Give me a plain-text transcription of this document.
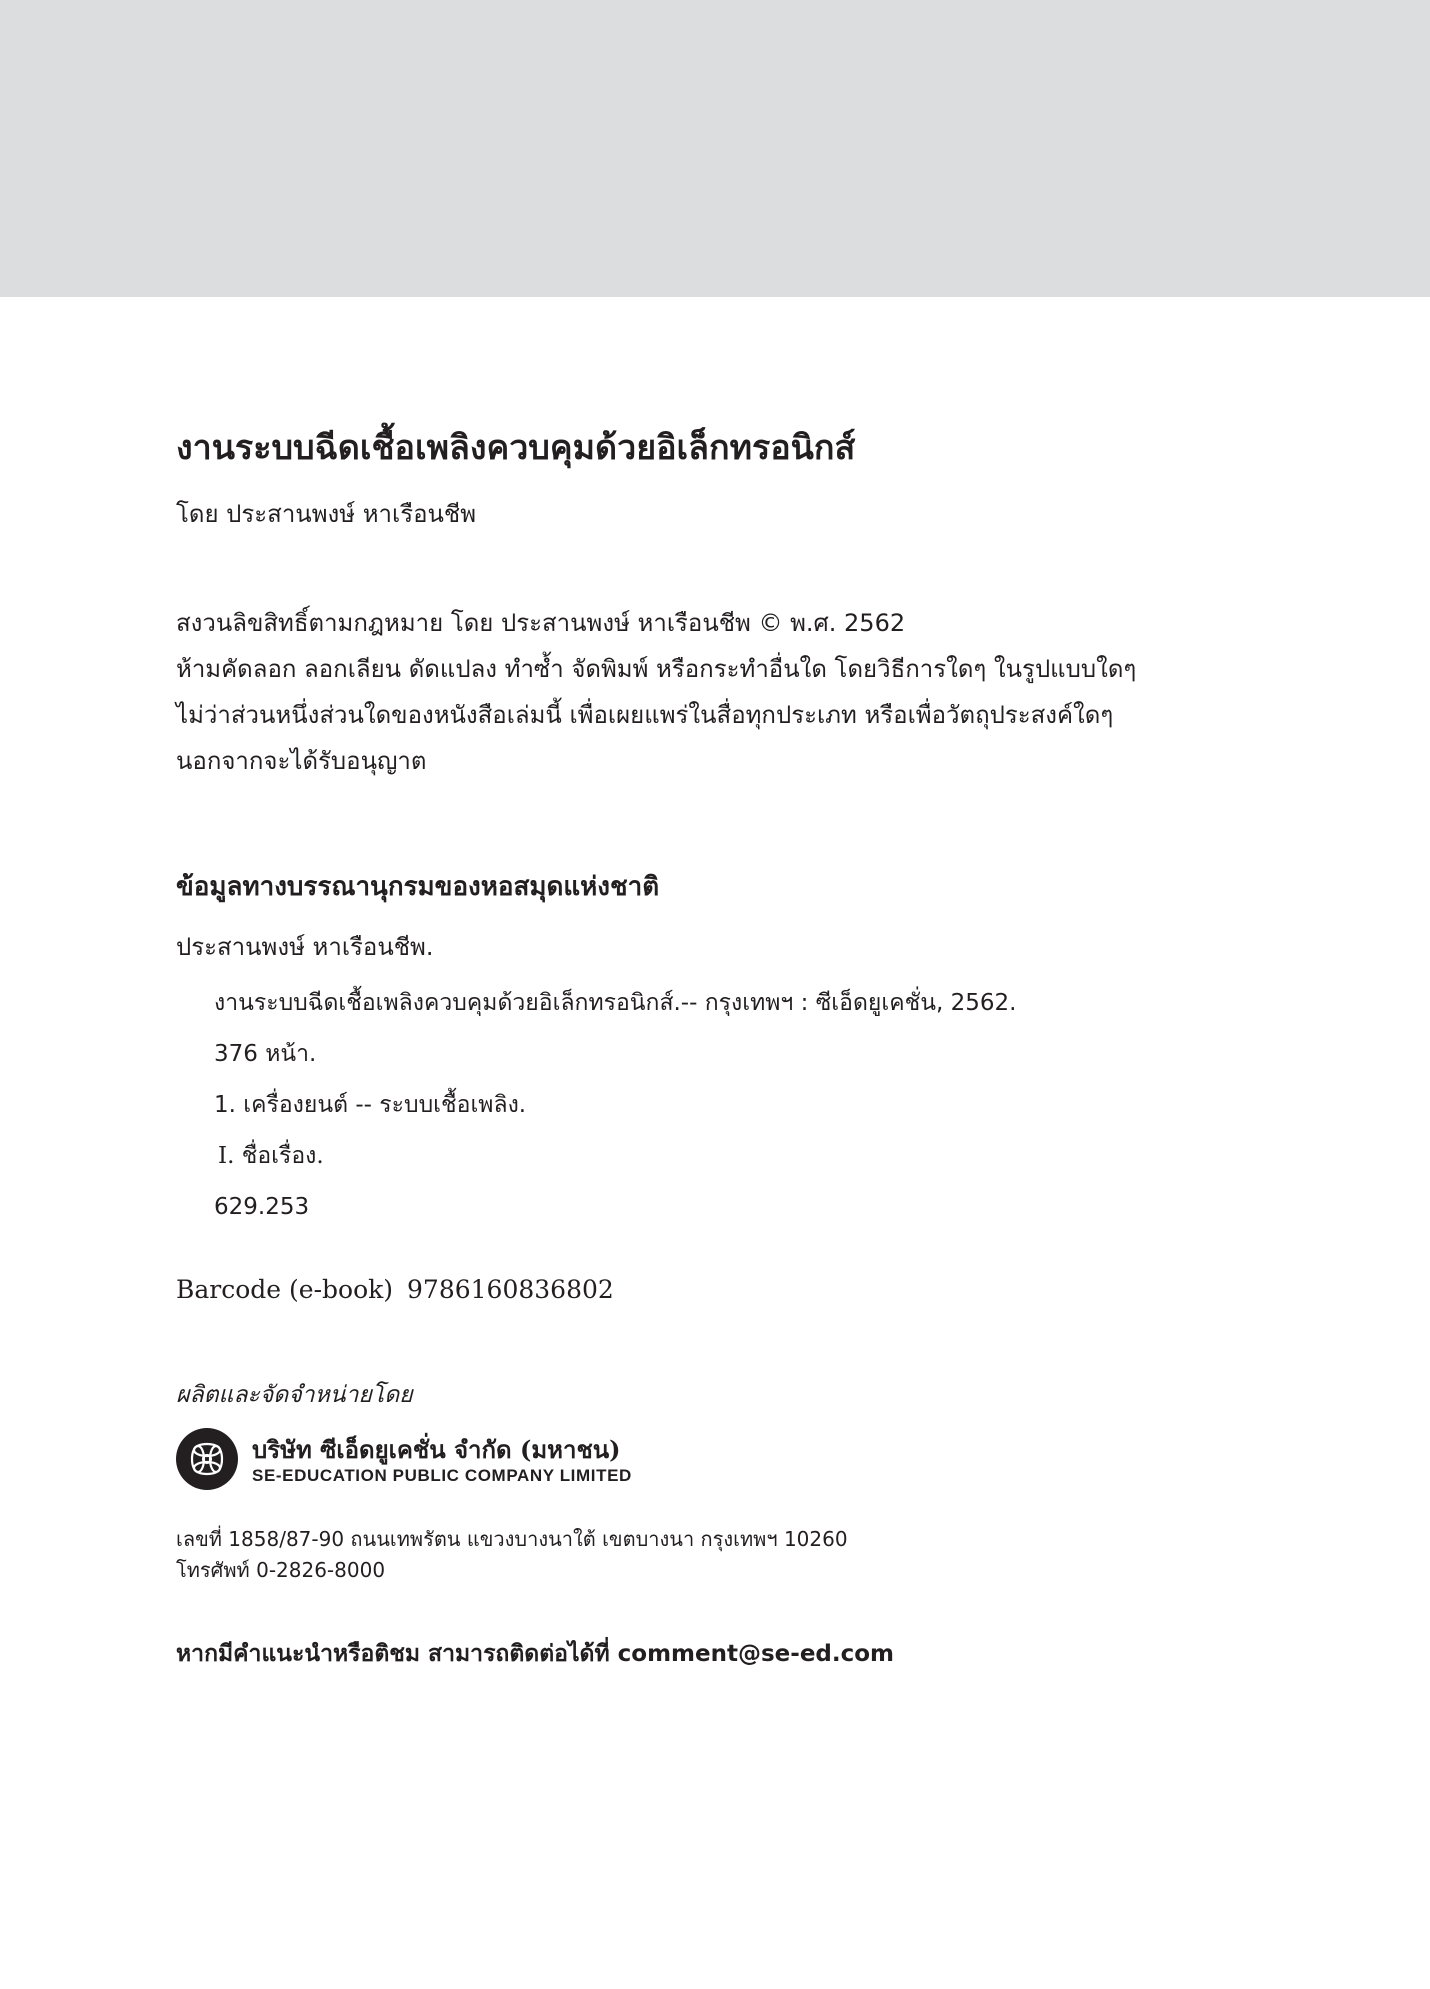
งานระบบฉีดเชื้อเพลิงควบคุมด้วยอิเล็กทรอนิกส์
โดย ประสานพงษ์ หาเรือนชีพ

สงวนลิขสิทธิ์ตามกฎหมาย โดย ประสานพงษ์ หาเรือนชีพ © พ.ศ. 2562

ห้ามคัดลอก ลอกเลียน ดัดแปลง ทำซ้ำ จัดพิมพ์ หรือกระทำอื่นใด โดยวิธีการใดๆ ในรูปแบบใดๆ

ไม่ว่าส่วนหนึ่งส่วนใดของหนังสือเล่มนี้ เพื่อเผยแพร่ในสื่อทุกประเภท หรือเพื่อวัตถุประสงค์ใดๆ

นอกจากจะได้รับอนุญาต

ข้อมูลทางบรรณานุกรมของหอสมุดแห่งชาติ
ประสานพงษ์ หาเรือนชีพ.
งานระบบฉีดเชื้อเพลิงควบคุมด้วยอิเล็กทรอนิกส์.-- กรุงเทพฯ : ซีเอ็ดยูเคชั่น, 2562.
376 หน้า.
1. เครื่องยนต์ -- ระบบเชื้อเพลิง.
I. ชื่อเรื่อง.
629.253
Barcode (e-book) 9786160836802
ผลิตและจัดจำหน่ายโดย
บริษัท ซีเอ็ดยูเคชั่น จำกัด (มหาชน)
SE-EDUCATION PUBLIC COMPANY LIMITED
เลขที่ 1858/87-90 ถนนเทพรัตน แขวงบางนาใต้ เขตบางนา กรุงเทพฯ 10260
โทรศัพท์ 0-2826-8000
หากมีคำแนะนำหรือติชม สามารถติดต่อได้ที่ comment@se-ed.com
